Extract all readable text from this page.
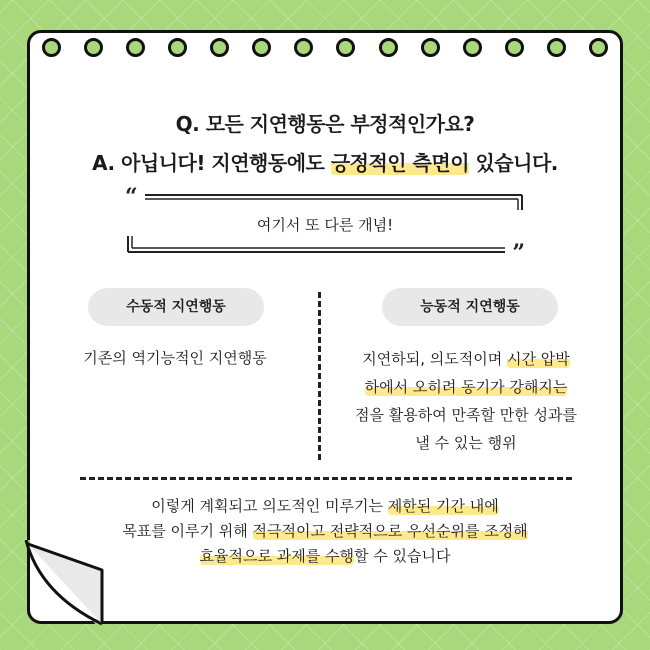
Q. 모든 지연행동은 부정적인가요?
A. 아닙니다! 지연행동에도 긍정적인 측면이 있습니다.
“
”
여기서 또 다른 개념!
수동적 지연행동	능동적 지연행동
기존의 역기능적인 지연행동	지연하되, 의도적이며 시간 압박
하에서 오히려 동기가 강해지는
점을 활용하여 만족할 만한 성과를
낼 수 있는 행위
이렇게 계획되고 의도적인 미루기는 제한된 기간 내에
목표를 이루기 위해 적극적이고 전략적으로 우선순위를 조정해
효율적으로 과제를 수행할 수 있습니다
